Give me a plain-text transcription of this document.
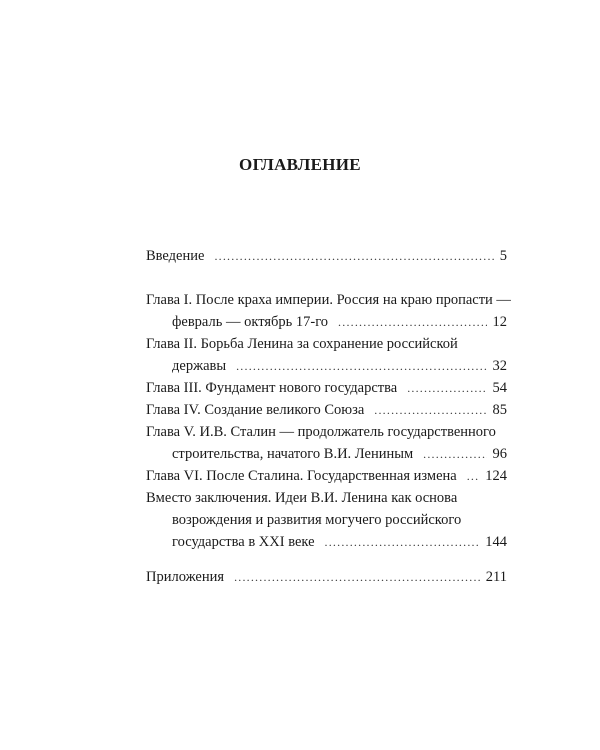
ОГЛАВЛЕНИЕ
Введение .....	5
Глава I. После краха империи. Россия на краю пропасти —
февраль — октябрь 17-го .....	12
Глава II. Борьба Ленина за сохранение российской
державы .....	32
Глава III. Фундамент нового государства .....	54
Глава IV. Создание великого Союза .....	85
Глава V. И.В. Сталин — продолжатель государственного
строительства, начатого В.И. Лениным .....	96
Глава VI. После Сталина. Государственная измена ..... 124
Вместо заключения. Идеи В.И. Ленина как основа
возрождения и развития могучего российского
государства в XXI веке .....	144
Приложения .....	211
